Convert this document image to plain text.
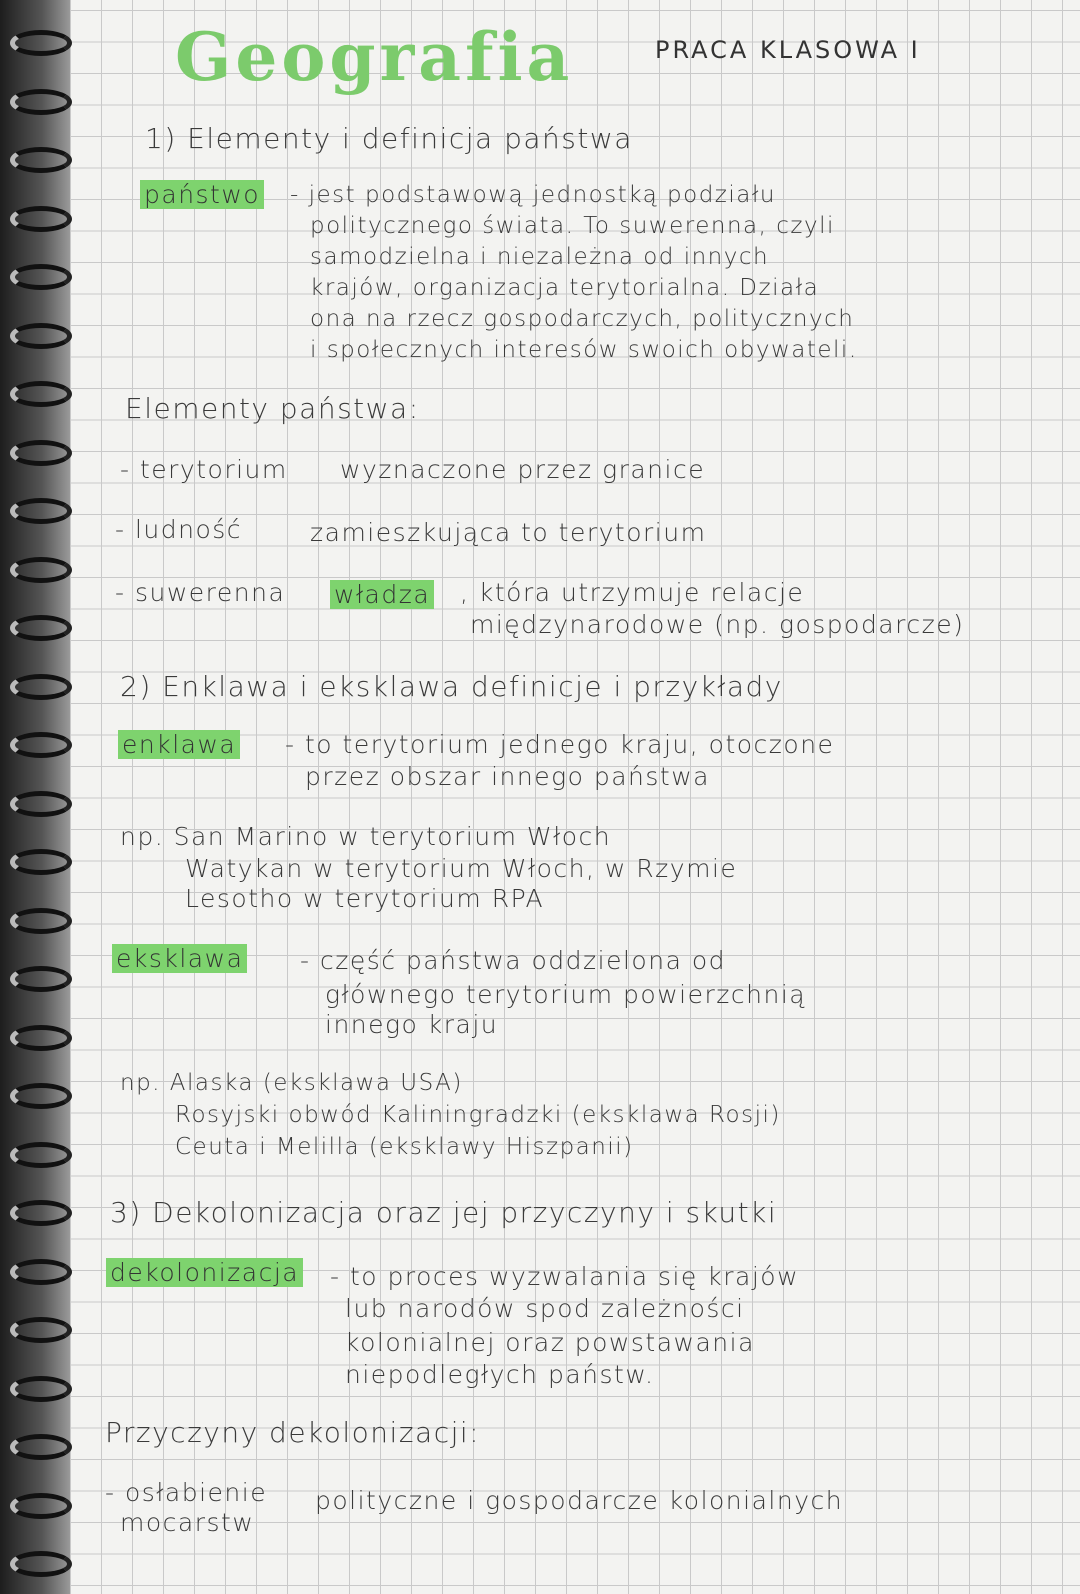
Geografia	PRACA KLASOWA I
1) Elementy i definicja państwa
państwo - jest podstawową jednostką podziału
politycznego świata. To suwerenna, czyli
samodzielna i niezależna od innych
krajów, organizacja terytorialna. Działa
ona na rzecz gospodarczych, politycznych
i społecznych interesów swoich obywateli.
Elementy państwa:
- terytorium wyznaczone przez granice
- ludność	zamieszkująca to terytorium
- suwerenna władza , która utrzymuje relacje
międzynarodowe (np. gospodarcze)
2) Enklawa i eksklawa definicje i przykłady
enklawa - to terytorium jednego kraju, otoczone
przez obszar innego państwa
np. San Marino w terytorium Włoch
Watykan w terytorium Włoch, w Rzymie
Lesotho w terytorium RPA
eksklawa - część państwa oddzielona od
głównego terytorium powierzchnią
innego kraju
np. Alaska (eksklawa USA)
Rosyjski obwód Kaliningradzki (eksklawa Rosji)
Ceuta i Melilla (eksklawy Hiszpanii)
3) Dekolonizacja oraz jej przyczyny i skutki
dekolonizacja - to proces wyzwalania się krajów
lub narodów spod zależności
kolonialnej oraz powstawania
niepodległych państw.
Przyczyny dekolonizacji:
- osłabienie
mocarstw
polityczne i gospodarcze kolonialnych
